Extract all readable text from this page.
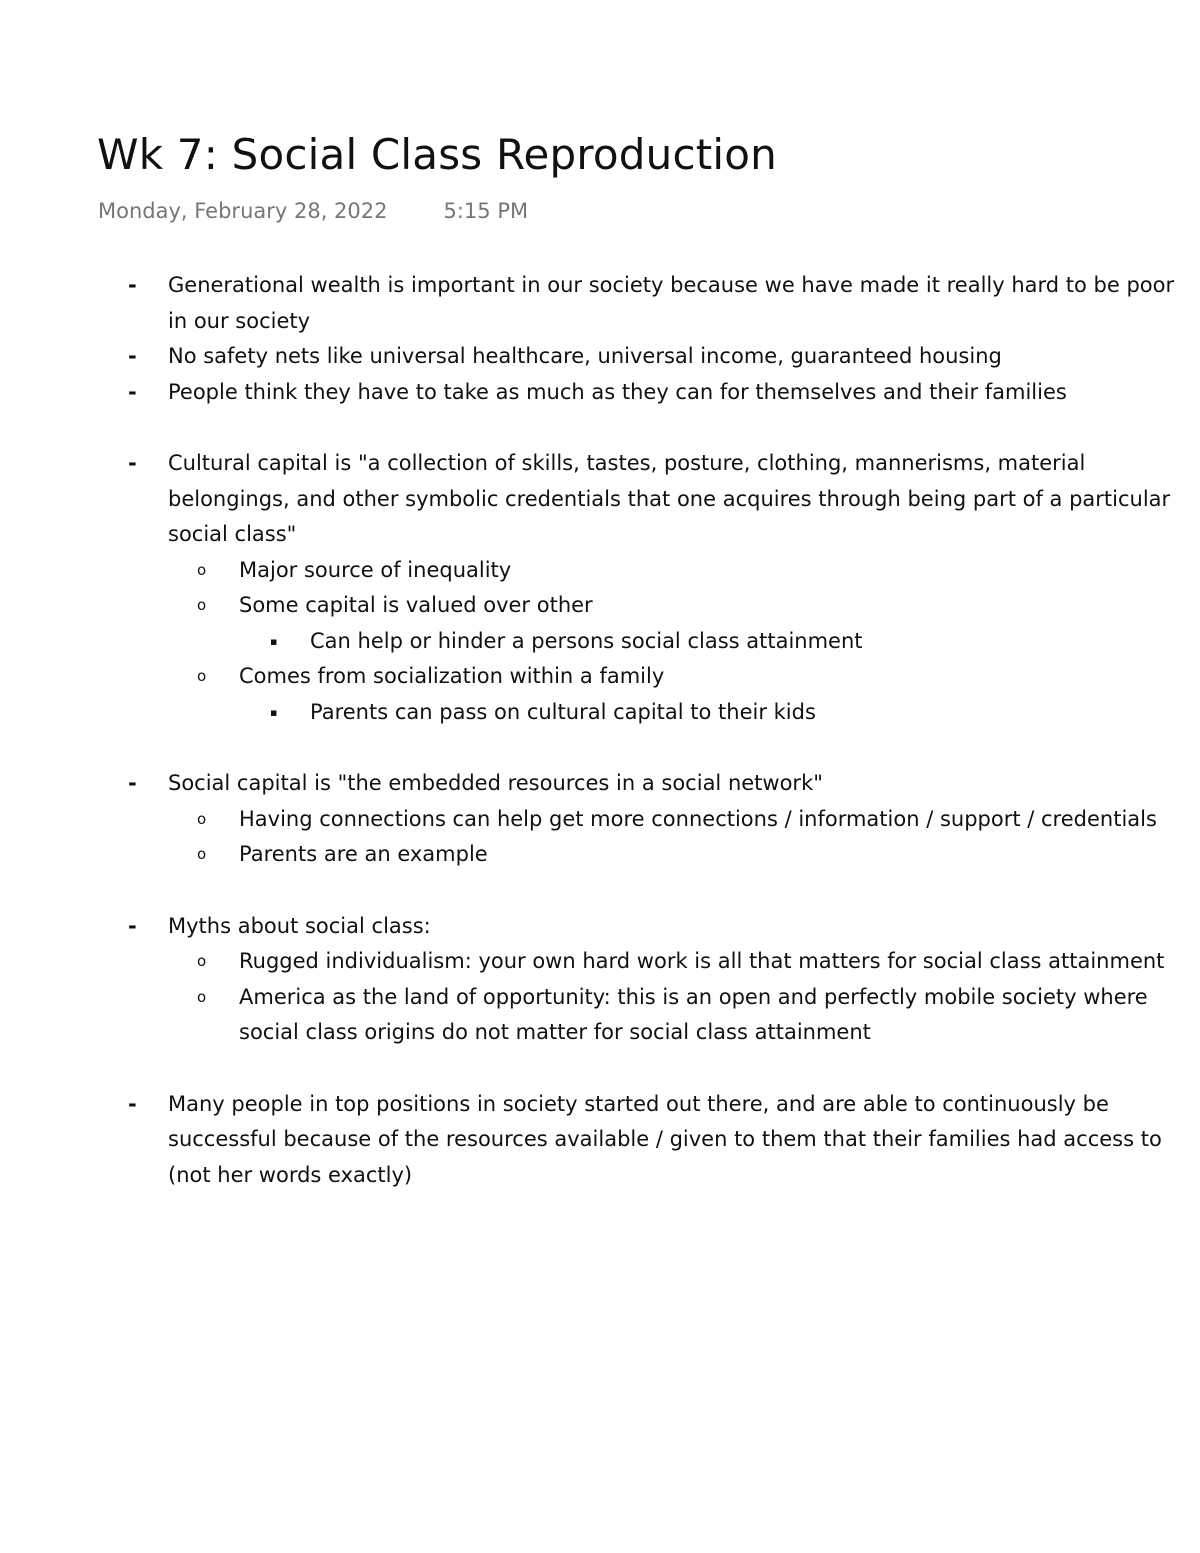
Wk 7: Social Class Reproduction
Monday, February 28, 2022	5:15 PM
- Generational wealth is important in our society because we have made it really hard to be poor in our society
- No safety nets like universal healthcare, universal income, guaranteed housing
- People think they have to take as much as they can for themselves and their families
- Cultural capital is "a collection of skills, tastes, posture, clothing, mannerisms, material belongings, and other symbolic credentials that one acquires through being part of a particular social class"
o Major source of inequality
o Some capital is valued over other
▪ Can help or hinder a persons social class attainment
o Comes from socialization within a family
▪ Parents can pass on cultural capital to their kids
- Social capital is "the embedded resources in a social network"
o Having connections can help get more connections / information / support / credentials
o Parents are an example
- Myths about social class:
o Rugged individualism: your own hard work is all that matters for social class attainment
o America as the land of opportunity: this is an open and perfectly mobile society where social class origins do not matter for social class attainment
- Many people in top positions in society started out there, and are able to continuously be successful because of the resources available / given to them that their families had access to (not her words exactly)
